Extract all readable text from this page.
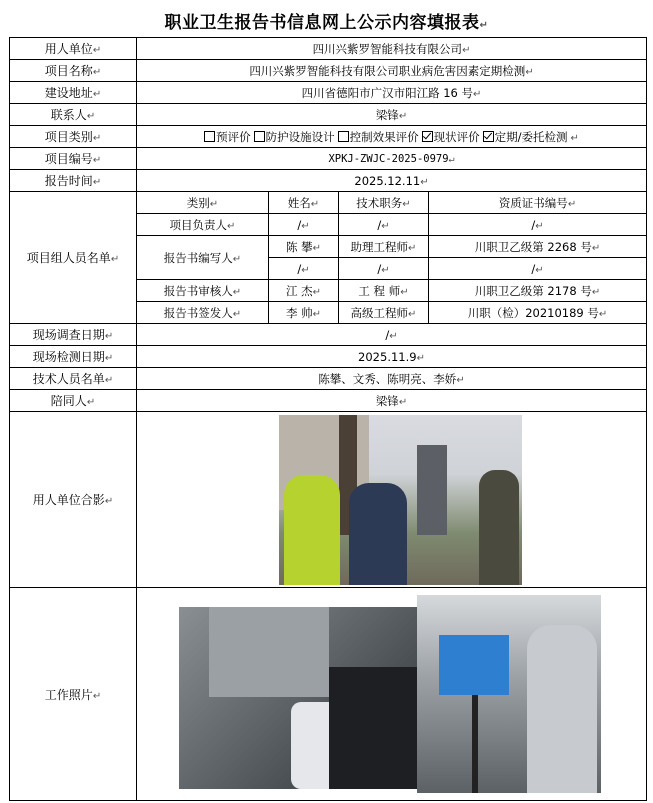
职业卫生报告书信息网上公示内容填报表↵
用人单位↵	四川兴紫罗智能科技有限公司↵			
项目名称↵	四川兴紫罗智能科技有限公司职业病危害因素定期检测↵			
建设地址↵	四川省德阳市广汉市阳江路 16 号↵			
联系人↵	梁锋↵			
项目类别↵	预评价 防护设施设计 控制效果评价 现状评价 定期/委托检测 ↵			
项目编号↵	XPKJ-ZWJC-2025-0979↵			
报告时间↵	2025.12.11↵			
项目组人员名单↵	类别↵	姓名↵	技术职务↵	资质证书编号↵
	项目负责人↵	/↵	/↵	/↵
	报告书编写人↵	陈 攀↵	助理工程师↵	川职卫乙级第 2268 号↵
		/↵	/↵	/↵
	报告书审核人↵	江 杰↵	工 程 师↵	川职卫乙级第 2178 号↵
	报告书签发人↵	李 帅↵	高级工程师↵	川职（检）20210189 号↵
现场调查日期↵	/↵			
现场检测日期↵	2025.11.9↵			
技术人员名单↵	陈攀、文秀、陈明亮、李娇↵			
陪同人↵	梁锋↵			
用人单位合影↵				

工作照片↵				
